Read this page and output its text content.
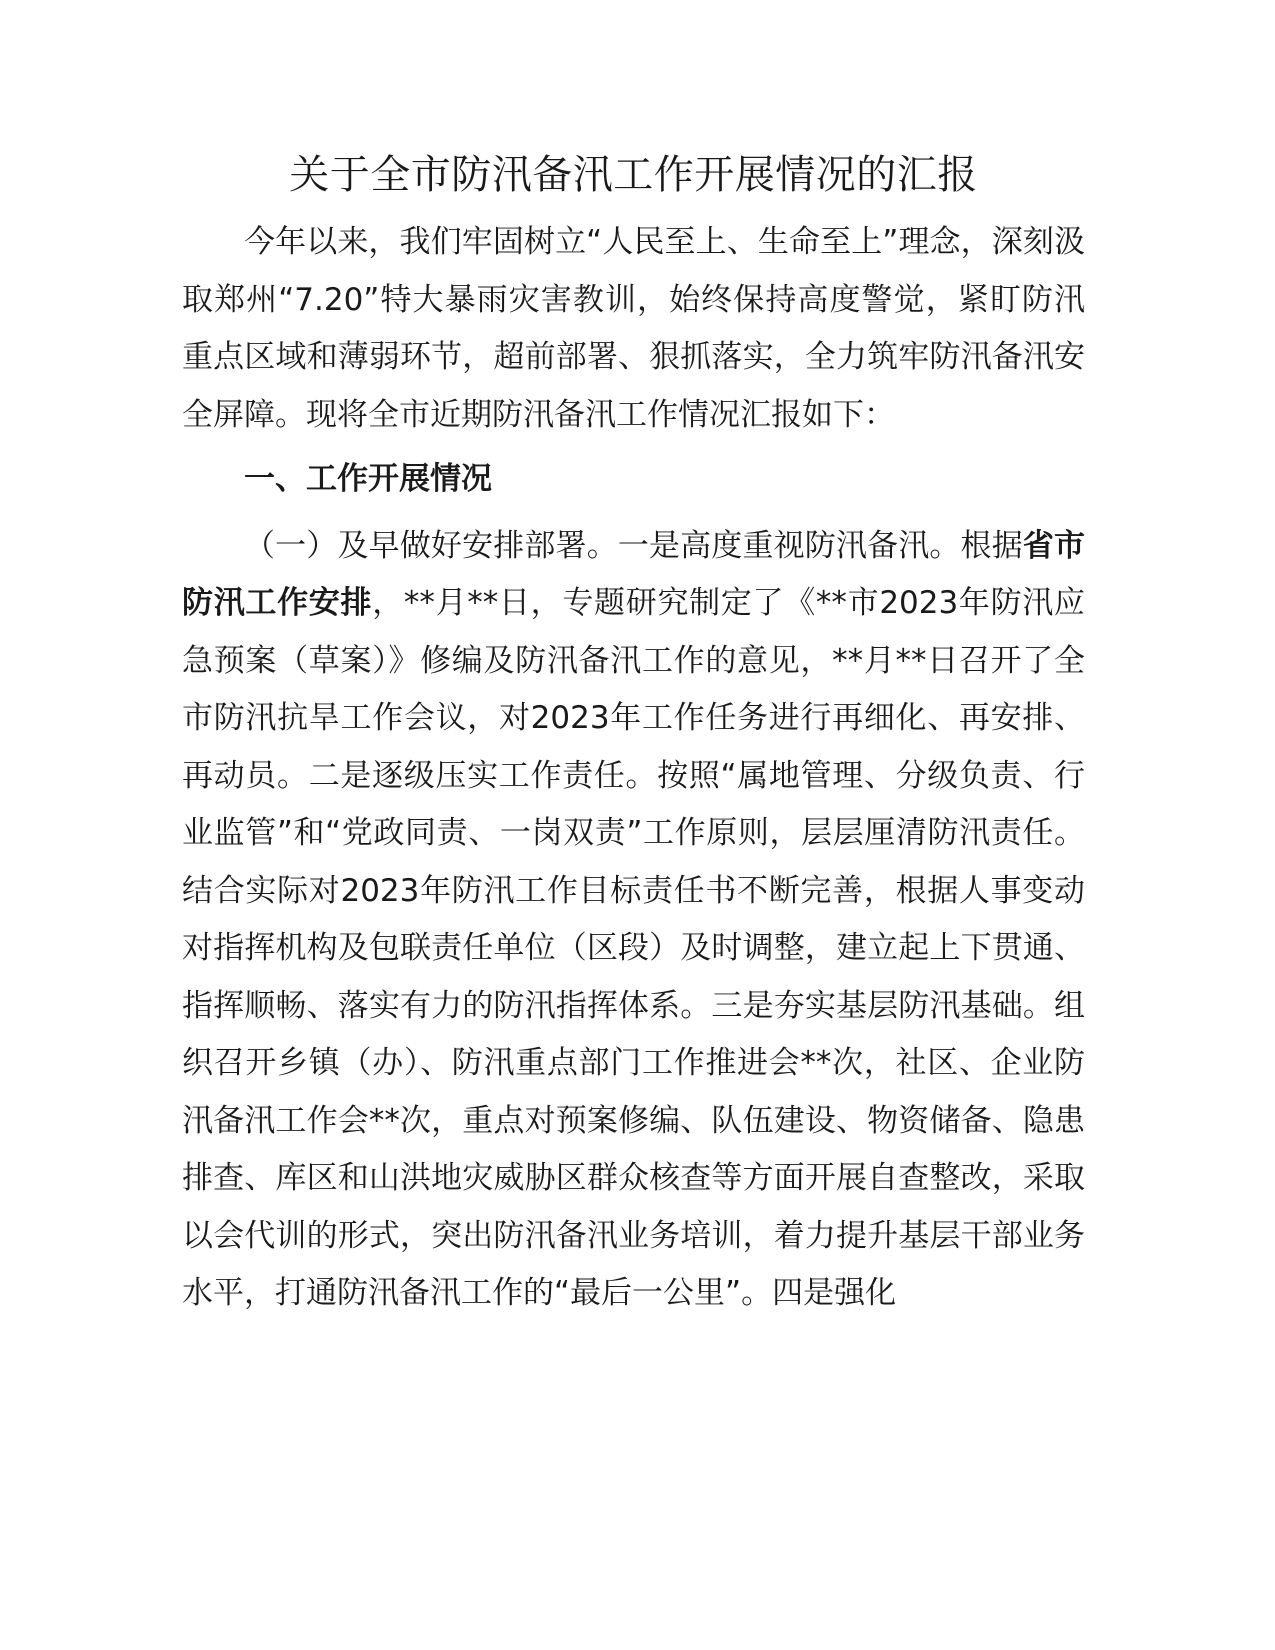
关于全市防汛备汛工作开展情况的汇报

今年以来，我们牢固树立“人民至上、生命至上”理念，深刻汲取郑州“7.20”特大暴雨灾害教训，始终保持高度警觉，紧盯防汛重点区域和薄弱环节，超前部署、狠抓落实，全力筑牢防汛备汛安全屏障。现将全市近期防汛备汛工作情况汇报如下：

一、工作开展情况

（一）及早做好安排部署。一是高度重视防汛备汛。根据省市防汛工作安排，**月**日，专题研究制定了《**市2023年防汛应急预案（草案）》修编及防汛备汛工作的意见，**月**日召开了全市防汛抗旱工作会议，对2023年工作任务进行再细化、再安排、再动员。二是逐级压实工作责任。按照“属地管理、分级负责、行业监管”和“党政同责、一岗双责”工作原则，层层厘清防汛责任。结合实际对2023年防汛工作目标责任书不断完善，根据人事变动对指挥机构及包联责任单位（区段）及时调整，建立起上下贯通、指挥顺畅、落实有力的防汛指挥体系。三是夯实基层防汛基础。组织召开乡镇（办）、防汛重点部门工作推进会**次，社区、企业防汛备汛工作会**次，重点对预案修编、队伍建设、物资储备、隐患排查、库区和山洪地灾威胁区群众核查等方面开展自查整改，采取以会代训的形式，突出防汛备汛业务培训，着力提升基层干部业务水平，打通防汛备汛工作的“最后一公里”。四是强化
